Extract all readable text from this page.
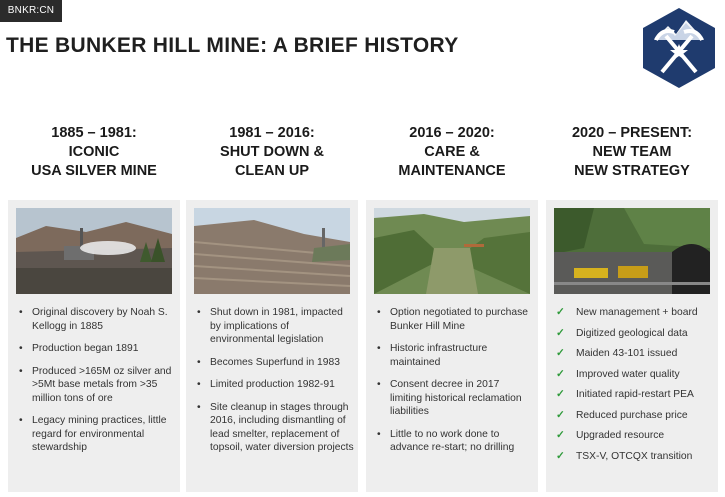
BNKR:CN
THE BUNKER HILL MINE: A BRIEF HISTORY
1885 – 1981:
ICONIC
USA SILVER MINE
• Original discovery by Noah S. Kellogg in 1885
• Production began 1891
• Produced >165M oz silver and >5Mt base metals from >35 million tons of ore
• Legacy mining practices, little regard for environmental stewardship
1981 – 2016:
SHUT DOWN &
CLEAN UP
• Shut down in 1981, impacted by implications of environmental legislation
• Becomes Superfund in 1983
• Limited production 1982-91
• Site cleanup in stages through 2016, including dismantling of lead smelter, replacement of topsoil, water diversion projects
2016 – 2020:
CARE &
MAINTENANCE
• Option negotiated to purchase Bunker Hill Mine
• Historic infrastructure maintained
• Consent decree in 2017 limiting historical reclamation liabilities
• Little to no work done to advance re-start; no drilling
2020 – PRESENT:
NEW TEAM
NEW STRATEGY
✓ New management + board
✓ Digitized geological data
✓ Maiden 43-101 issued
✓ Improved water quality
✓ Initiated rapid-restart PEA
✓ Reduced purchase price
✓ Upgraded resource
✓ TSX-V, OTCQX transition
